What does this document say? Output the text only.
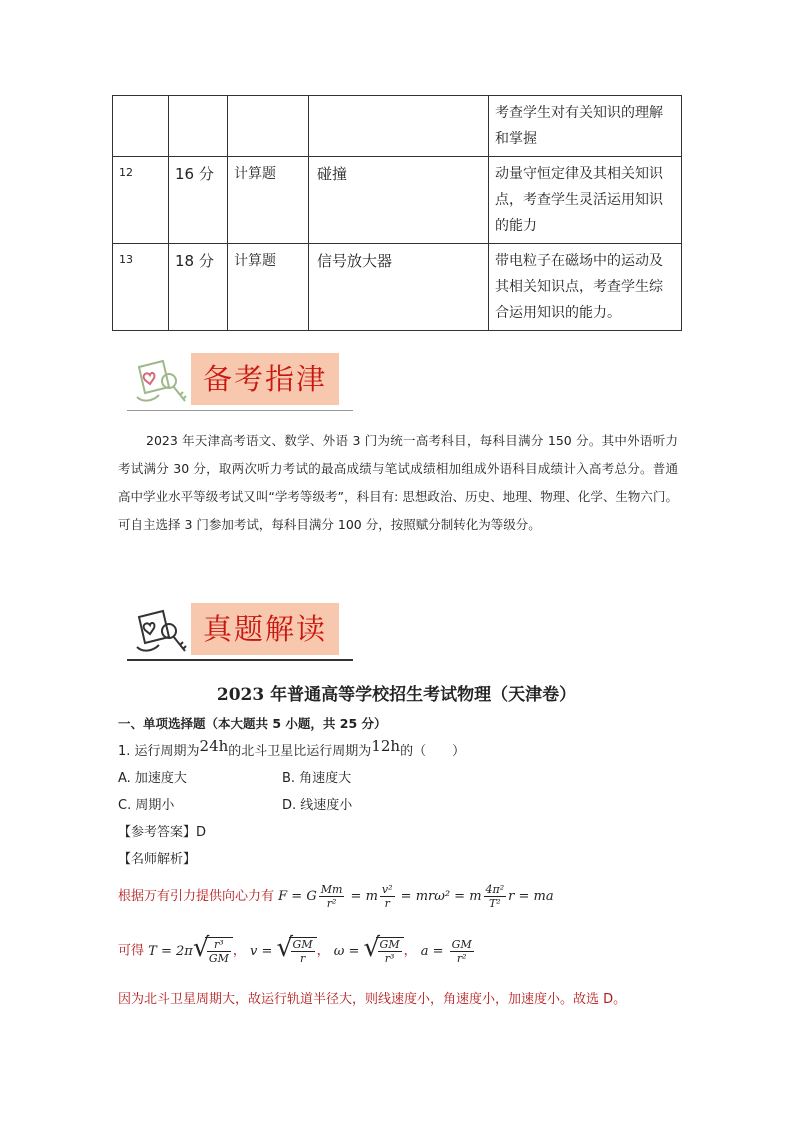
				考查学生对有关知识的理解和掌握
12	16 分	计算题	碰撞	动量守恒定律及其相关知识点，考查学生灵活运用知识的能力
13	18 分	计算题	信号放大器	带电粒子在磁场中的运动及其相关知识点，考查学生综合运用知识的能力。
备考指津

2023 年天津高考语文、数学、外语 3 门为统一高考科目，每科目满分 150 分。其中外语听力考试满分 30 分，取两次听力考试的最高成绩与笔试成绩相加组成外语科目成绩计入高考总分。普通高中学业水平等级考试又叫“学考等级考”，科目有: 思想政治、历史、地理、物理、化学、生物六门。可自主选择 3 门参加考试，每科目满分 100 分，按照赋分制转化为等级分。

真题解读
2023 年普通高等学校招生考试物理（天津卷）
一、单项选择题（本大题共 5 小题，共 25 分）
1. 运行周期为24h的北斗卫星比运行周期为12h的（　　）
A. 加速度大	B. 角速度大
C. 周期小	D. 线速度小
【参考答案】D
【名师解析】
根据万有引力提供向心力有 F = G $\frac{Mm}{\text{r²}} = m \frac{\text{v²}}{r} = mr\omega^2 = m \frac{\text{4π²}}{\text{T²}}$ r = ma
可得 T = 2π √
$\frac{\text{r³}}{GM}$ ， v = √
$\frac{GM}{r}$ ， ω = √
$\frac{GM}{\text{r³}}$ ， $a = \frac{GM}{\text{r²}}$
因为北斗卫星周期大，故运行轨道半径大，则线速度小，角速度小，加速度小。故选 D。
